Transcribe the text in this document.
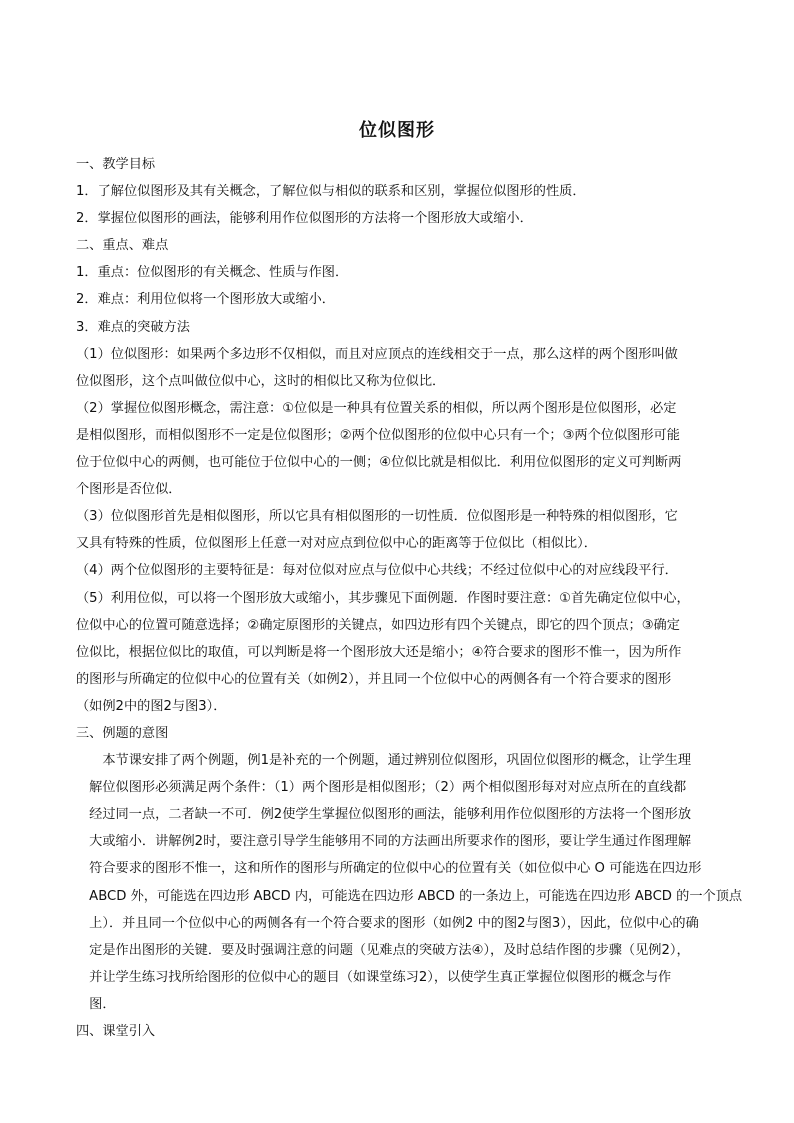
位似图形
一、教学目标
1．了解位似图形及其有关概念，了解位似与相似的联系和区别，掌握位似图形的性质．
2．掌握位似图形的画法，能够利用作位似图形的方法将一个图形放大或缩小．
二、重点、难点
1．重点：位似图形的有关概念、性质与作图．
2．难点：利用位似将一个图形放大或缩小．
3．难点的突破方法
（1）位似图形：如果两个多边形不仅相似，而且对应顶点的连线相交于一点，那么这样的两个图形叫做
位似图形，这个点叫做位似中心，这时的相似比又称为位似比．
（2）掌握位似图形概念，需注意：①位似是一种具有位置关系的相似，所以两个图形是位似图形，必定
是相似图形，而相似图形不一定是位似图形；②两个位似图形的位似中心只有一个；③两个位似图形可能
位于位似中心的两侧，也可能位于位似中心的一侧；④位似比就是相似比．利用位似图形的定义可判断两
个图形是否位似．
（3）位似图形首先是相似图形，所以它具有相似图形的一切性质．位似图形是一种特殊的相似图形，它
又具有特殊的性质，位似图形上任意一对对应点到位似中心的距离等于位似比（相似比）．
（4）两个位似图形的主要特征是：每对位似对应点与位似中心共线；不经过位似中心的对应线段平行．
（5）利用位似，可以将一个图形放大或缩小，其步骤见下面例题．作图时要注意：①首先确定位似中心，
位似中心的位置可随意选择；②确定原图形的关键点，如四边形有四个关键点，即它的四个顶点；③确定
位似比，根据位似比的取值，可以判断是将一个图形放大还是缩小；④符合要求的图形不惟一，因为所作
的图形与所确定的位似中心的位置有关（如例2），并且同一个位似中心的两侧各有一个符合要求的图形
（如例2中的图2与图3）．
三、例题的意图
　　本节课安排了两个例题，例1是补充的一个例题，通过辨别位似图形，巩固位似图形的概念，让学生理
　解位似图形必须满足两个条件：（1）两个图形是相似图形；（2）两个相似图形每对对应点所在的直线都
　经过同一点，二者缺一不可．例2使学生掌握位似图形的画法，能够利用作位似图形的方法将一个图形放
　大或缩小．讲解例2时，要注意引导学生能够用不同的方法画出所要求作的图形，要让学生通过作图理解
　符合要求的图形不惟一，这和所作的图形与所确定的位似中心的位置有关（如位似中心 O 可能选在四边形
　ABCD 外，可能选在四边形 ABCD 内，可能选在四边形 ABCD 的一条边上，可能选在四边形 ABCD 的一个顶点
　上）．并且同一个位似中心的两侧各有一个符合要求的图形（如例2 中的图2与图3），因此，位似中心的确
　定是作出图形的关键．要及时强调注意的问题（见难点的突破方法④），及时总结作图的步骤（见例2），
　并让学生练习找所给图形的位似中心的题目（如课堂练习2），以使学生真正掌握位似图形的概念与作
　图．
四、课堂引入
